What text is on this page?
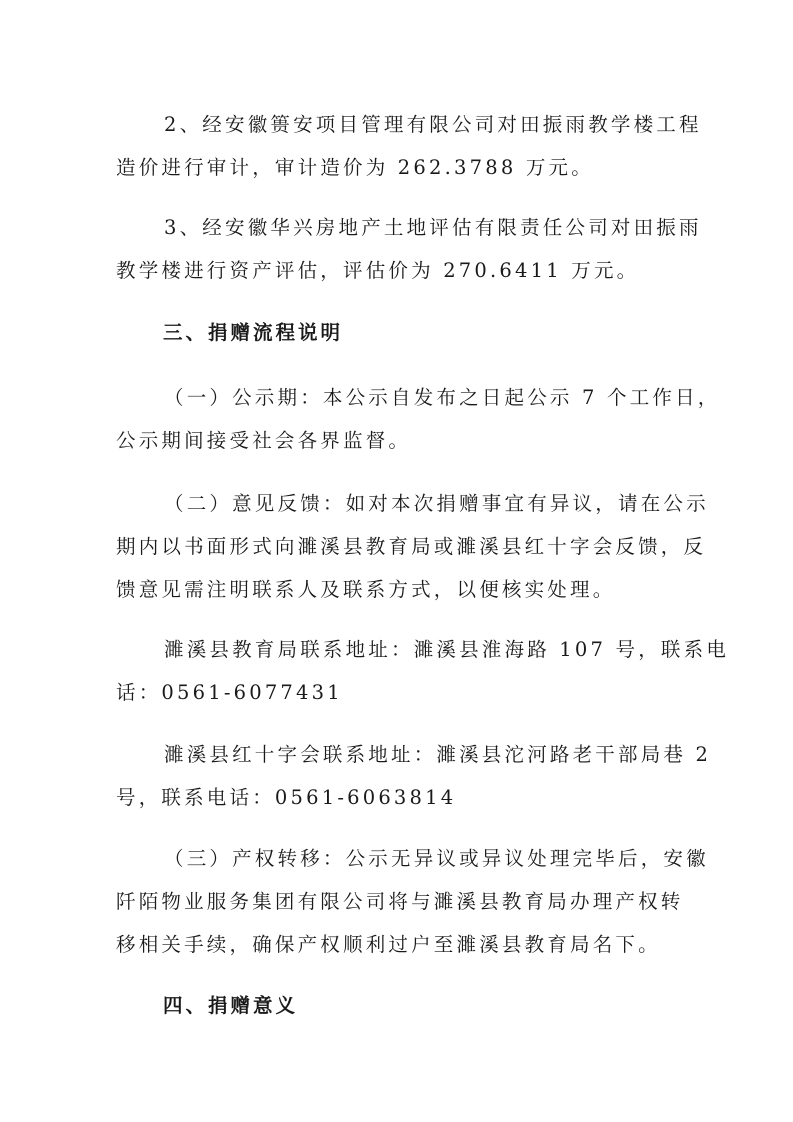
2、经安徽篑安项目管理有限公司对田振雨教学楼工程
造价进行审计，审计造价为 262.3788 万元。

3、经安徽华兴房地产土地评估有限责任公司对田振雨
教学楼进行资产评估，评估价为 270.6411 万元。

三、捐赠流程说明

（一）公示期：本公示自发布之日起公示 7 个工作日，
公示期间接受社会各界监督。

（二）意见反馈：如对本次捐赠事宜有异议，请在公示
期内以书面形式向濉溪县教育局或濉溪县红十字会反馈，反
馈意见需注明联系人及联系方式，以便核实处理。

濉溪县教育局联系地址：濉溪县淮海路 107 号，联系电
话：0561-6077431

濉溪县红十字会联系地址：濉溪县沱河路老干部局巷 2
号，联系电话：0561-6063814

（三）产权转移：公示无异议或异议处理完毕后，安徽
阡陌物业服务集团有限公司将与濉溪县教育局办理产权转
移相关手续，确保产权顺利过户至濉溪县教育局名下。

四、捐赠意义
